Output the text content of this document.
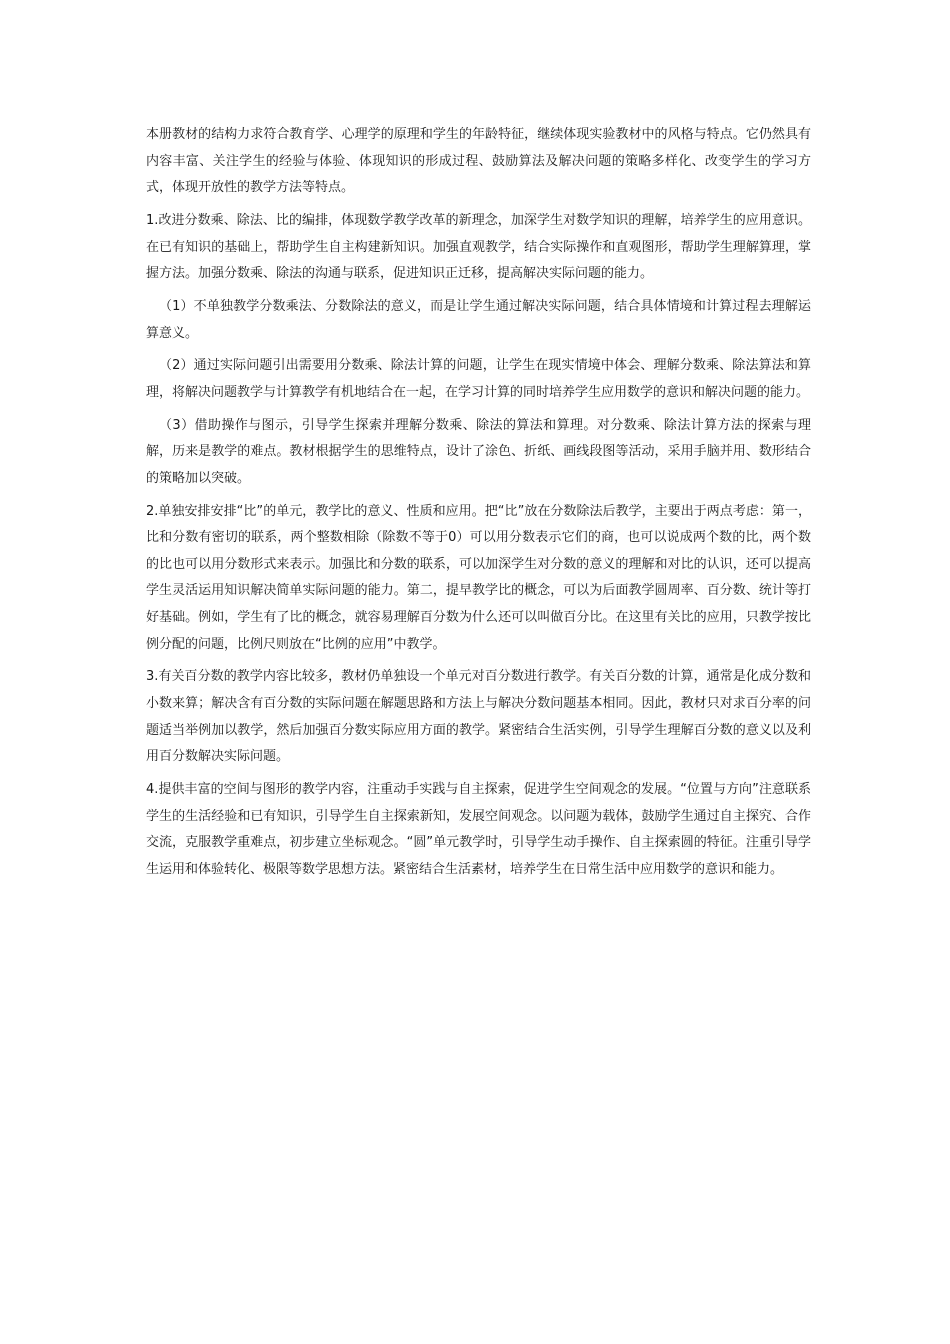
本册教材的结构力求符合教育学、心理学的原理和学生的年龄特征，继续体现实验教材中的风格与特点。它仍然具有内容丰富、关注学生的经验与体验、体现知识的形成过程、鼓励算法及解决问题的策略多样化、改变学生的学习方式，体现开放性的教学方法等特点。

1.改进分数乘、除法、比的编排，体现数学教学改革的新理念，加深学生对数学知识的理解，培养学生的应用意识。在已有知识的基础上，帮助学生自主构建新知识。加强直观教学，结合实际操作和直观图形，帮助学生理解算理，掌握方法。加强分数乘、除法的沟通与联系，促进知识正迁移，提高解决实际问题的能力。

（1）不单独教学分数乘法、分数除法的意义，而是让学生通过解决实际问题，结合具体情境和计算过程去理解运算意义。

（2）通过实际问题引出需要用分数乘、除法计算的问题，让学生在现实情境中体会、理解分数乘、除法算法和算理，将解决问题教学与计算教学有机地结合在一起，在学习计算的同时培养学生应用数学的意识和解决问题的能力。

（3）借助操作与图示，引导学生探索并理解分数乘、除法的算法和算理。对分数乘、除法计算方法的探索与理解，历来是教学的难点。教材根据学生的思维特点，设计了涂色、折纸、画线段图等活动，采用手脑并用、数形结合的策略加以突破。

2.单独安排安排“比”的单元，教学比的意义、性质和应用。把“比”放在分数除法后教学，主要出于两点考虑：第一，比和分数有密切的联系，两个整数相除（除数不等于0）可以用分数表示它们的商，也可以说成两个数的比，两个数的比也可以用分数形式来表示。加强比和分数的联系，可以加深学生对分数的意义的理解和对比的认识，还可以提高学生灵活运用知识解决简单实际问题的能力。第二，提早教学比的概念，可以为后面教学圆周率、百分数、统计等打好基础。例如，学生有了比的概念，就容易理解百分数为什么还可以叫做百分比。在这里有关比的应用，只教学按比例分配的问题，比例尺则放在“比例的应用”中教学。

3.有关百分数的教学内容比较多，教材仍单独设一个单元对百分数进行教学。有关百分数的计算，通常是化成分数和小数来算；解决含有百分数的实际问题在解题思路和方法上与解决分数问题基本相同。因此，教材只对求百分率的问题适当举例加以教学，然后加强百分数实际应用方面的教学。紧密结合生活实例，引导学生理解百分数的意义以及利用百分数解决实际问题。

4.提供丰富的空间与图形的教学内容，注重动手实践与自主探索，促进学生空间观念的发展。“位置与方向”注意联系学生的生活经验和已有知识，引导学生自主探索新知，发展空间观念。以问题为载体，鼓励学生通过自主探究、合作交流，克服教学重难点，初步建立坐标观念。“圆”单元教学时，引导学生动手操作、自主探索圆的特征。注重引导学生运用和体验转化、极限等数学思想方法。紧密结合生活素材，培养学生在日常生活中应用数学的意识和能力。
